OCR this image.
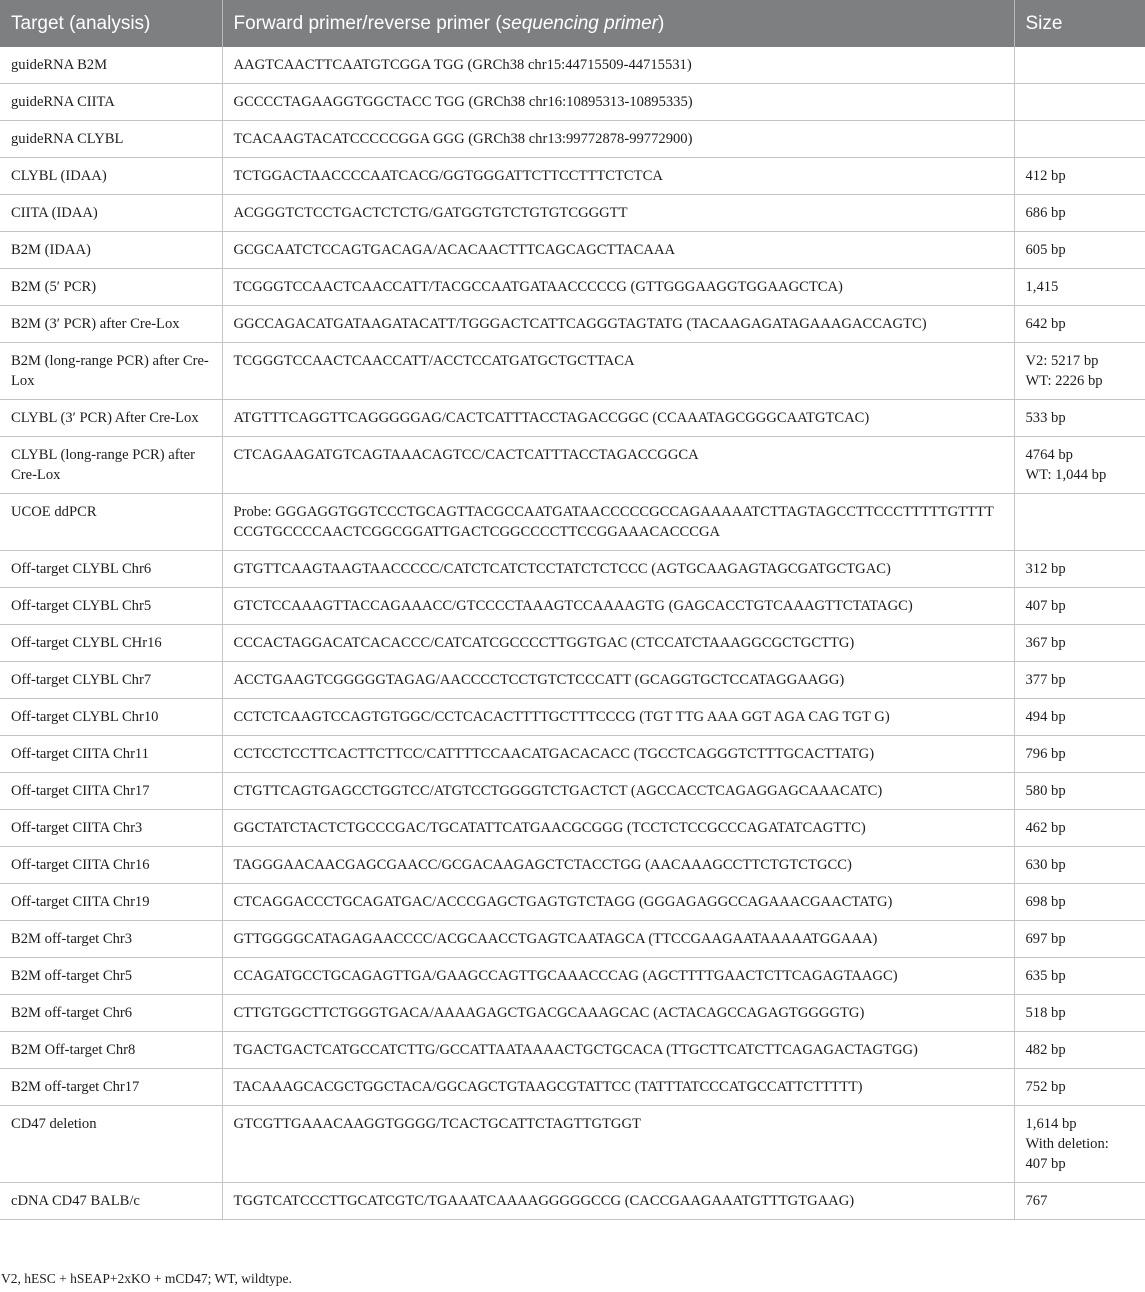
Target (analysis)	Forward primer/reverse primer (sequencing primer)	Size
guideRNA B2M	AAGTCAACTTCAATGTCGGA TGG (GRCh38 chr15:44715509-44715531)	

guideRNA CIITA	GCCCCTAGAAGGTGGCTACC TGG (GRCh38 chr16:10895313-10895335)	

guideRNA CLYBL	TCACAAGTACATCCCCCGGA GGG (GRCh38 chr13:99772878-99772900)	

CLYBL (IDAA)	TCTGGACTAACCCCAATCACG/GGTGGGATTCTTCCTTTCTCTCA	412 bp

CIITA (IDAA)	ACGGGTCTCCTGACTCTCTG/GATGGTGTCTGTGTCGGGTT	686 bp

B2M (IDAA)	GCGCAATCTCCAGTGACAGA/ACACAACTTTCAGCAGCTTACAAA	605 bp

B2M (5′ PCR)	TCGGGTCCAACTCAACCATT/TACGCCAATGATAACCCCCG (GTTGGGAAGGTGGAAGCTCA)	1,415

B2M (3′ PCR) after Cre-Lox	GGCCAGACATGATAAGATACATT/TGGGACTCATTCAGGGTAGTATG (TACAAGAGATAGAAAGACCAGTC)	642 bp

B2M (long-range PCR) after Cre-Lox	TCGGGTCCAACTCAACCATT/ACCTCCATGATGCTGCTTACA	V2: 5217 bp
WT: 2226 bp

CLYBL (3′ PCR) After Cre-Lox	ATGTTTCAGGTTCAGGGGGAG/CACTCATTTACCTAGACCGGC (CCAAATAGCGGGCAATGTCAC)	533 bp

CLYBL (long-range PCR) after Cre-Lox	CTCAGAAGATGTCAGTAAACAGTCC/CACTCATTTACCTAGACCGGCA	4764 bp
WT: 1,044 bp

UCOE ddPCR	Probe: GGGAGGTGGTCCCTGCAGTTACGCCAATGATAACCCCCGCCAGAAAAATCTTAGTAGCCTTCCCTTTTTGTTTTCCGTGCCCCAACTCGGCGGATTGACTCGGCCCCTTCCGGAAACACCCGA	

Off-target CLYBL Chr6	GTGTTCAAGTAAGTAACCCCC/CATCTCATCTCCTATCTCTCCC (AGTGCAAGAGTAGCGATGCTGAC)	312 bp

Off-target CLYBL Chr5	GTCTCCAAAGTTACCAGAAACC/GTCCCCTAAAGTCCAAAAGTG (GAGCACCTGTCAAAGTTCTATAGC)	407 bp

Off-target CLYBL CHr16	CCCACTAGGACATCACACCC/CATCATCGCCCCTTGGTGAC (CTCCATCTAAAGGCGCTGCTTG)	367 bp

Off-target CLYBL Chr7	ACCTGAAGTCGGGGGTAGAG/AACCCCTCCTGTCTCCCATT (GCAGGTGCTCCATAGGAAGG)	377 bp

Off-target CLYBL Chr10	CCTCTCAAGTCCAGTGTGGC/CCTCACACTTTTGCTTTCCCG (TGT TTG AAA GGT AGA CAG TGT G)	494 bp

Off-target CIITA Chr11	CCTCCTCCTTCACTTCTTCC/CATTTTCCAACATGACACACC (TGCCTCAGGGTCTTTGCACTTATG)	796 bp

Off-target CIITA Chr17	CTGTTCAGTGAGCCTGGTCC/ATGTCCTGGGGTCTGACTCT (AGCCACCTCAGAGGAGCAAACATC)	580 bp

Off-target CIITA Chr3	GGCTATCTACTCTGCCCGAC/TGCATATTCATGAACGCGGG (TCCTCTCCGCCCAGATATCAGTTC)	462 bp

Off-target CIITA Chr16	TAGGGAACAACGAGCGAACC/GCGACAAGAGCTCTACCTGG (AACAAAGCCTTCTGTCTGCC)	630 bp

Off-target CIITA Chr19	CTCAGGACCCTGCAGATGAC/ACCCGAGCTGAGTGTCTAGG (GGGAGAGGCCAGAAACGAACTATG)	698 bp

B2M off-target Chr3	GTTGGGGCATAGAGAACCCC/ACGCAACCTGAGTCAATAGCA (TTCCGAAGAATAAAAATGGAAA)	697 bp

B2M off-target Chr5	CCAGATGCCTGCAGAGTTGA/GAAGCCAGTTGCAAACCCAG (AGCTTTTGAACTCTTCAGAGTAAGC)	635 bp

B2M off-target Chr6	CTTGTGGCTTCTGGGTGACA/AAAAGAGCTGACGCAAAGCAC (ACTACAGCCAGAGTGGGGTG)	518 bp

B2M Off-target Chr8	TGACTGACTCATGCCATCTTG/GCCATTAATAAAACTGCTGCACA (TTGCTTCATCTTCAGAGACTAGTGG)	482 bp

B2M off-target Chr17	TACAAAGCACGCTGGCTACA/GGCAGCTGTAAGCGTATTCC (TATTTATCCCATGCCATTCTTTTT)	752 bp

CD47 deletion	GTCGTTGAAACAAGGTGGGG/TCACTGCATTCTAGTTGTGGT	1,614 bp
With deletion:
407 bp

cDNA CD47 BALB/c	TGGTCATCCCTTGCATCGTC/TGAAATCAAAAGGGGGCCG (CACCGAAGAAATGTTTGTGAAG)	767
V2, hESC + hSEAP+2xKO + mCD47; WT, wildtype.
